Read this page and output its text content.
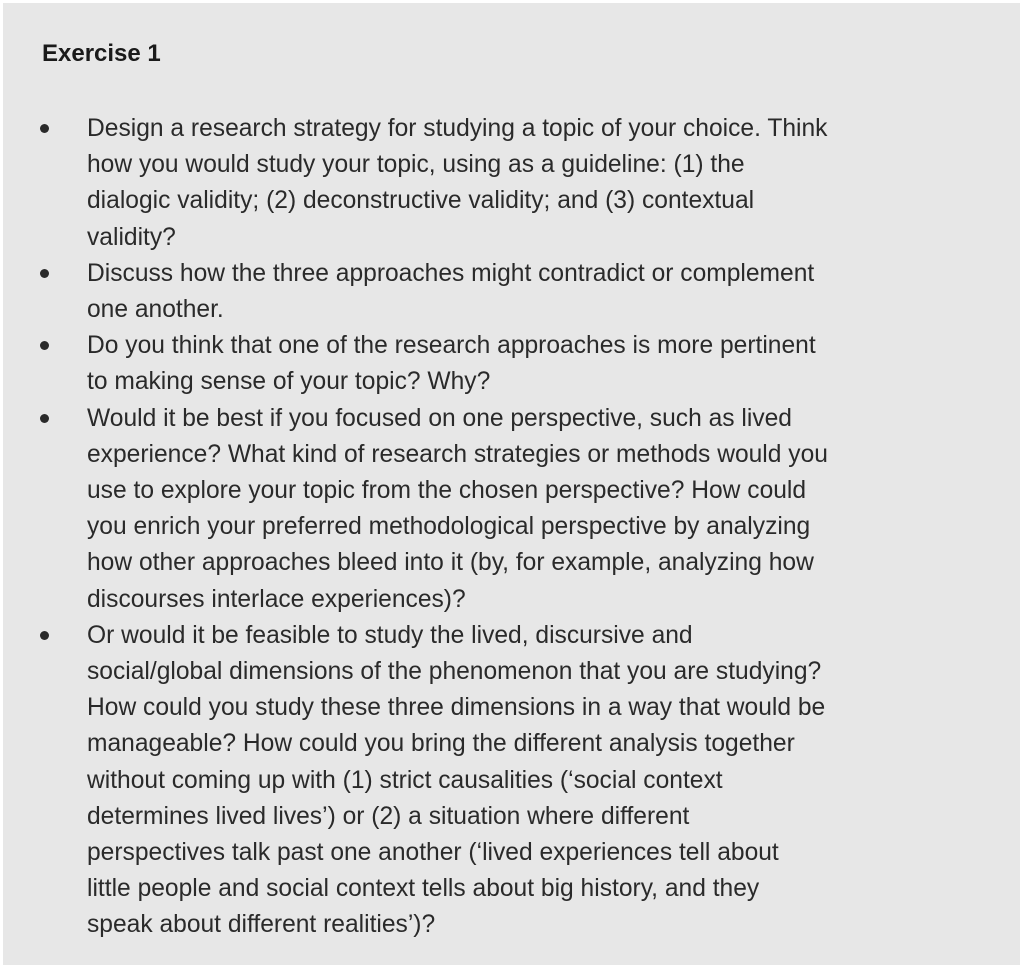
Exercise 1
Design a research strategy for studying a topic of your choice. Think
how you would study your topic, using as a guideline: (1) the
dialogic validity; (2) deconstructive validity; and (3) contextual
validity?
Discuss how the three approaches might contradict or complement
one another.
Do you think that one of the research approaches is more pertinent
to making sense of your topic? Why?
Would it be best if you focused on one perspective, such as lived
experience? What kind of research strategies or methods would you
use to explore your topic from the chosen perspective? How could
you enrich your preferred methodological perspective by analyzing
how other approaches bleed into it (by, for example, analyzing how
discourses interlace experiences)?
Or would it be feasible to study the lived, discursive and
social/global dimensions of the phenomenon that you are studying?
How could you study these three dimensions in a way that would be
manageable? How could you bring the different analysis together
without coming up with (1) strict causalities (‘social context
determines lived lives’) or (2) a situation where different
perspectives talk past one another (‘lived experiences tell about
little people and social context tells about big history, and they
speak about different realities’)?
